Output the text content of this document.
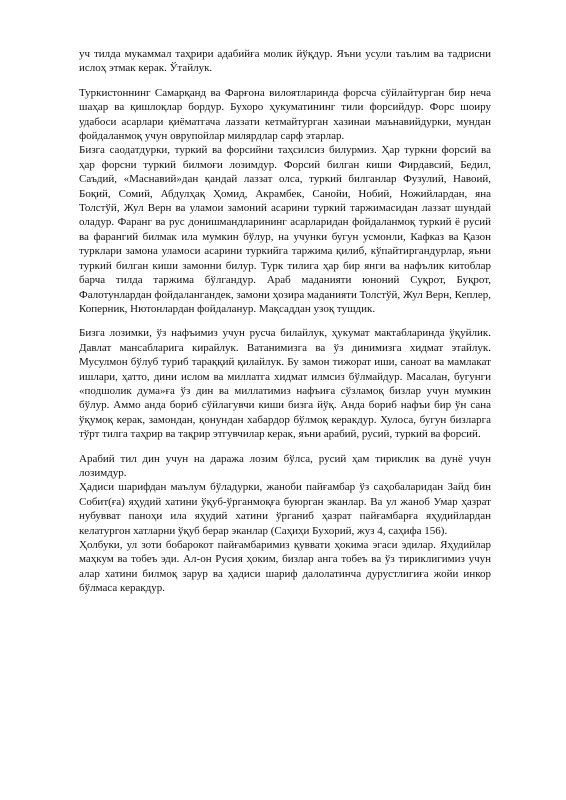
уч тилда мукаммал таҳрири адабийға молик йўқдур. Яъни усули таълим ва тадрисни ислоҳ этмак керак. Ўтайлук.

Туркистоннинг Самарқанд ва Фарғона вилоятларинда форсча сўйлайтурган бир неча шаҳар ва қишлоқлар бордур. Бухоро ҳукуматининг тили форсийдур. Форс шоиру удабоси асарлари қиёматгача лаззати кетмайтурган хазинаи маънавийдурки, мундан фойдаланмоқ учун оврупойлар милярдлар сарф этарлар.

Бизга саодатдурки, туркий ва форсийни таҳсилсиз билурмиз. Ҳар туркни форсий ва ҳар форсни туркий билмоғи лозимдур. Форсий билган киши Фирдавсий, Бедил, Саъдий, «Маснавий»дан қандай лаззат олса, туркий билганлар Фузулий, Навоий, Боқий, Сомий, Абдулҳақ Ҳомид, Акрамбек, Санойи, Нобий, Ножийлардан, яна Толстўй, Жул Верн ва уламои замоний асарини туркий таржимасидан лаззат шундай оладур. Фаранг ва рус донишмандларининг асарларидан фойдаланмоқ туркий ё русий ва фарангий билмак ила мумкин бўлур, на учунки бугун усмонли, Кафказ ва Қазон турклари замона уламоси асарини туркийга таржима қилиб, кўпайтиргандурлар, яъни туркий билган киши замонни билур. Турк тилига ҳар бир янги ва нафълик китоблар барча тилда таржима бўлгандур. Араб маданияти юноний Суқрот, Буқрот, Фалотунлардан фойдалангандек, замони ҳозира маданияти Толстўй, Жул Верн, Кеплер, Коперник, Нютонлардан фойдаланур. Мақсаддан узоқ тушдик.

Бизга лозимки, ўз нафъимиз учун русча билайлук, ҳукумат мактабларинда ўқуйлик. Давлат мансабларига кирайлук. Ватанимизга ва ўз динимизга хидмат этайлук. Мусулмон бўлуб туриб тараққий қилайлук. Бу замон тижорат иши, саноат ва мамлакат ишлари, ҳатто, дини ислом ва миллатга хидмат илмсиз бўлмайдур. Масалан, бугунги «подшолик дума»ға ўз дин ва миллатимиз нафъиға сўзламоқ бизлар учун мумкин бўлур. Аммо анда бориб сўйлагувчи киши бизга йўқ. Анда бориб нафъи бир ўн сана ўқумоқ керак, замондан, қонундан хабардор бўлмоқ керакдур. Хулоса, бугун бизларга тўрт тилга таҳрир ва тақрир этгувчилар керак, яъни арабий, русий, туркий ва форсий.

Арабий тил дин учун на даража лозим бўлса, русий ҳам тириклик ва дунё учун лозимдур.

Ҳадиси шарифдан маълум бўладурки, жаноби пайғамбар ўз саҳобаларидан Зайд бин Собит(ға) яҳудий хатини ўқуб-ўрганмоқға буюрган эканлар. Ва ул жаноб Умар ҳазрат нубувват паноҳи ила яҳудий хатини ўрганиб ҳазрат пайғамбарға яҳудийлардан келатургон хатларни ўқуб берар эканлар (Саҳиҳи Бухорий, жуз 4, саҳифа 156).

Ҳолбуки, ул зоти бобарокот пайғамбаримиз қуввати ҳокима эгаси эдилар. Яҳудийлар маҳкум ва тобеъ эди. Ал-он Русия ҳоким, бизлар анга тобеъ ва ўз тириклигимиз учун алар хатини билмоқ зарур ва ҳадиси шариф далолатинча дурустлигиға жойи инкор бўлмаса керакдур.
